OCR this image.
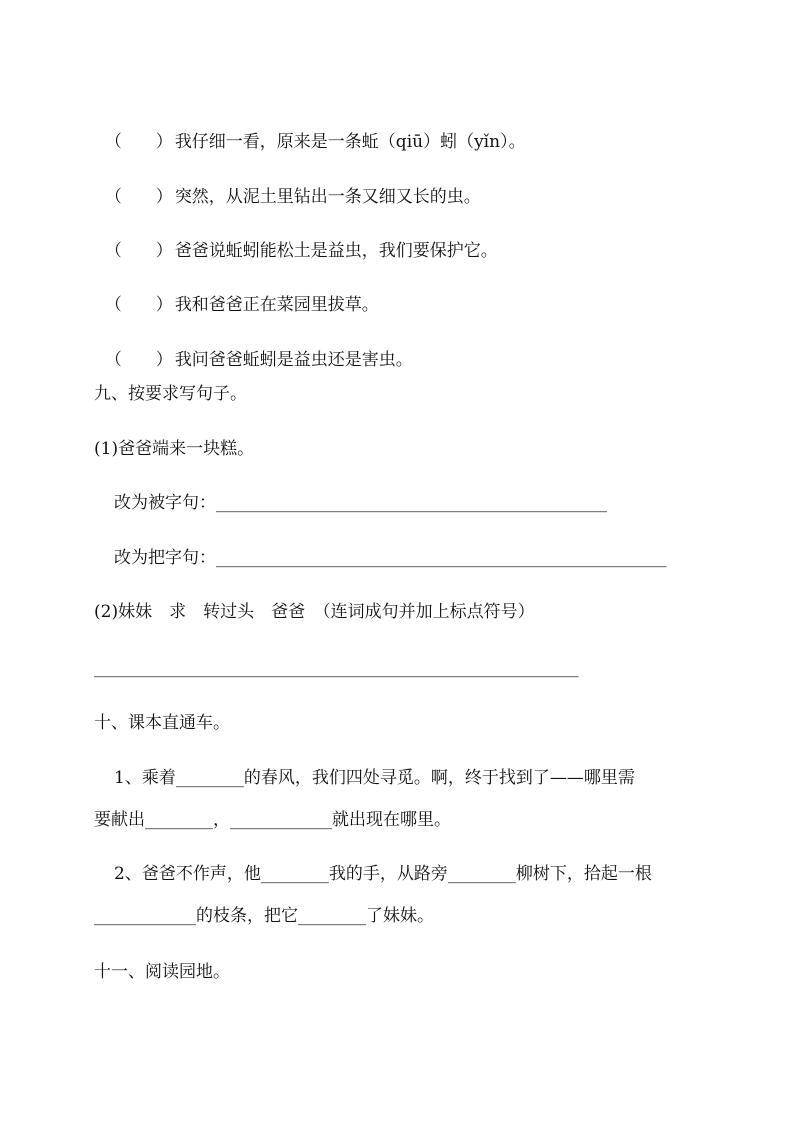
（　　） 我仔细一看，原来是一条蚯（qiū）蚓（yǐn）。

（　　） 突然，从泥土里钻出一条又细又长的虫。

（　　） 爸爸说蚯蚓能松土是益虫，我们要保护它。

（　　） 我和爸爸正在菜园里拔草。

（　　） 我问爸爸蚯蚓是益虫还是害虫。

九、按要求写句子。
(1)爸爸端来一块糕。
改为被字句：______________________________________________
改为把字句：_____________________________________________________
(2)妹妹　求　转过头　爸爸　（连词成句并加上标点符号）
_________________________________________________________
十、课本直通车。
1、乘着________的春风，我们四处寻觅。啊，终于找到了——哪里需
要献出________，____________就出现在哪里。
2、爸爸不作声，他________我的手，从路旁________柳树下，拾起一根
____________的枝条，把它________了妹妹。
十一、阅读园地。
